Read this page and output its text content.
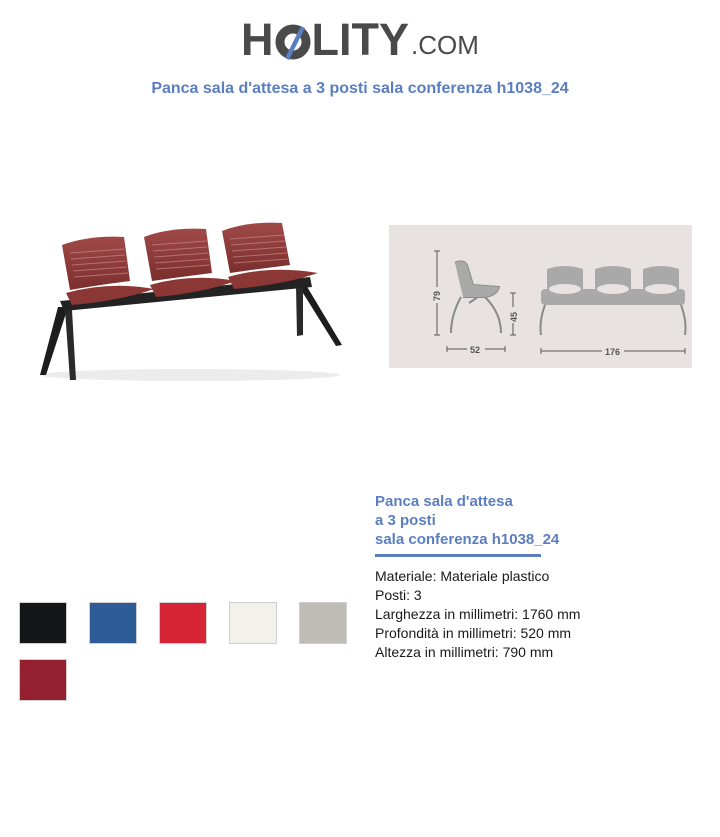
H LITY .COM
Panca sala d'attesa a 3 posti sala conferenza h1038_24
79
45
52	176
Panca sala d'attesa
a 3 posti
sala conferenza h1038_24
Materiale: Materiale plastico
Posti: 3
Larghezza in millimetri: 1760 mm
Profondità in millimetri: 520 mm
Altezza in millimetri: 790 mm
